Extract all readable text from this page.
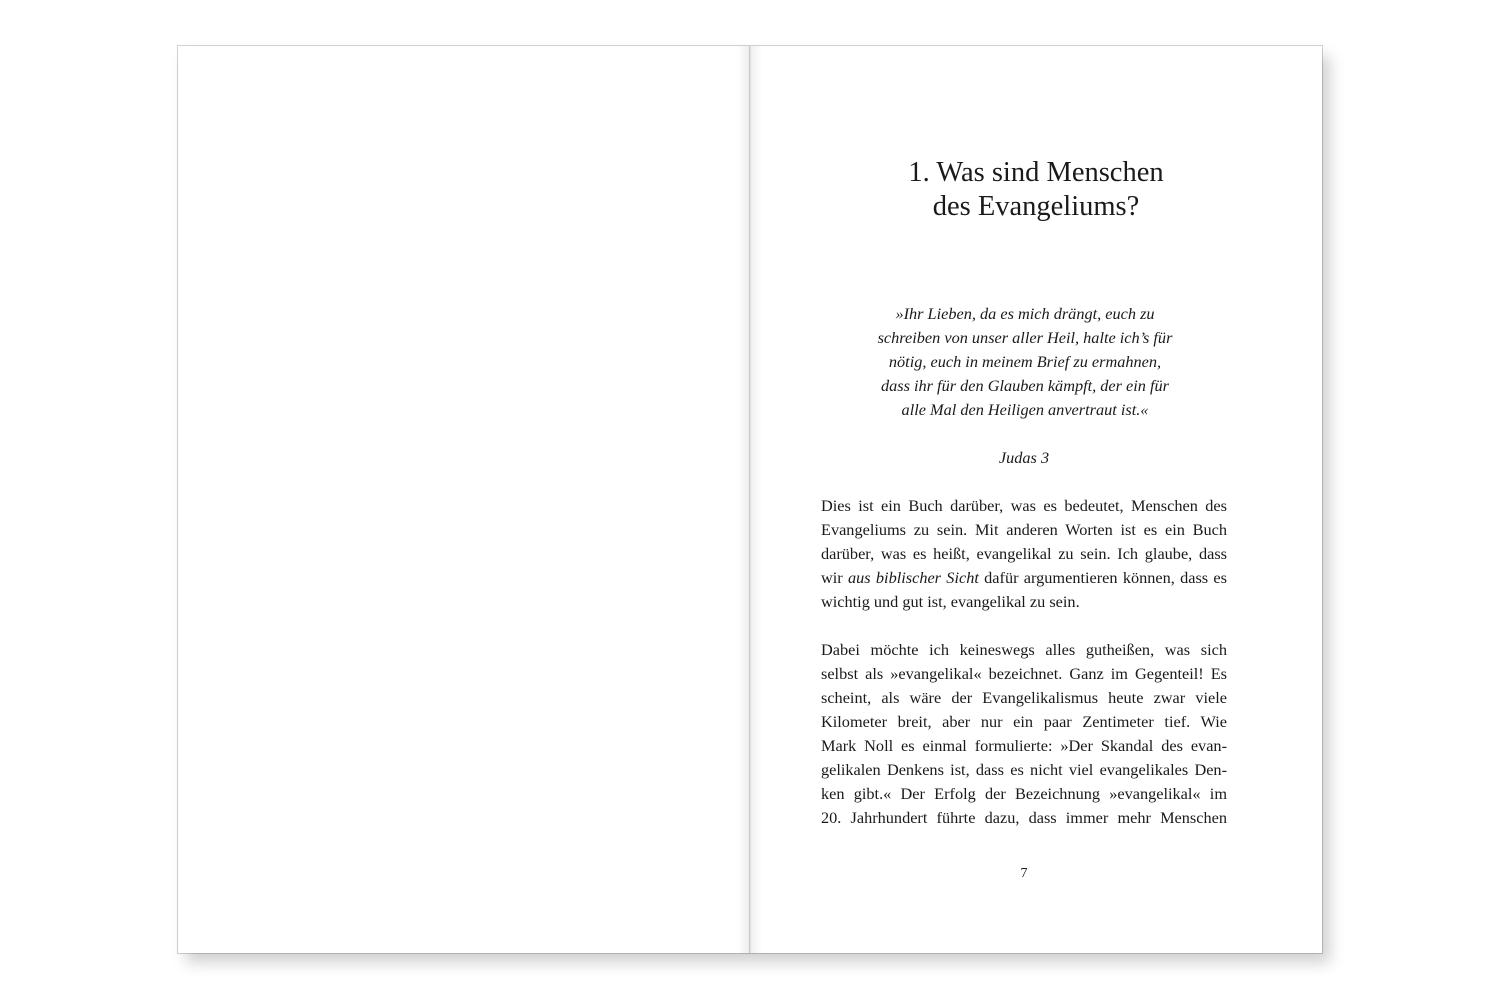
1. Was sind Menschen
des Evangeliums?
»Ihr Lieben, da es mich drängt, euch zu
schreiben von unser aller Heil, halte ich’s für
nötig, euch in meinem Brief zu ermahnen,
dass ihr für den Glauben kämpft, der ein für
alle Mal den Heiligen anvertraut ist.«
Judas 3
Dies ist ein Buch darüber, was es bedeutet, Menschen des
Evangeliums zu sein. Mit anderen Worten ist es ein Buch
darüber, was es heißt, evangelikal zu sein. Ich glaube, dass
wir aus biblischer Sicht dafür argumentieren können, dass es
wichtig und gut ist, evangelikal zu sein.
Dabei möchte ich keineswegs alles gutheißen, was sich
selbst als »evangelikal« bezeichnet. Ganz im Gegenteil! Es
scheint, als wäre der Evangelikalismus heute zwar viele
Kilometer breit, aber nur ein paar Zentimeter tief. Wie
Mark Noll es einmal formulierte: »Der Skandal des evan-
gelikalen Denkens ist, dass es nicht viel evangelikales Den-
ken gibt.« Der Erfolg der Bezeichnung »evangelikal« im
20. Jahrhundert führte dazu, dass immer mehr Menschen
7
